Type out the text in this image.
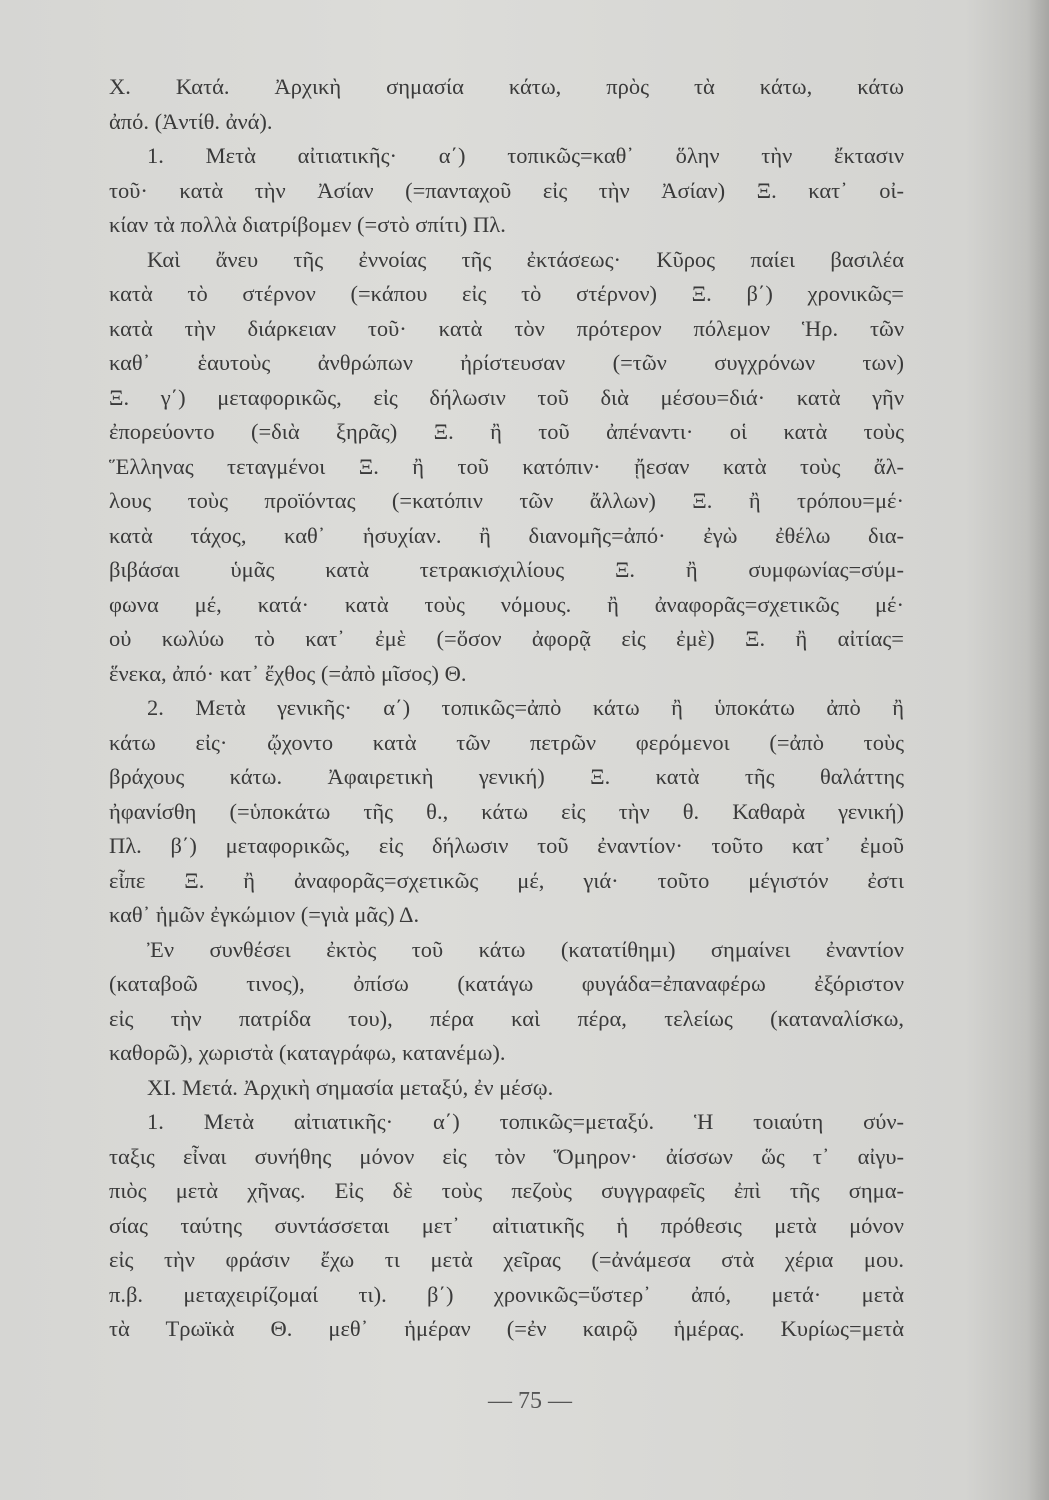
X. Κατά. Ἀρχικὴ σημασία κάτω, πρὸς τὰ κάτω, κάτω
ἀπό. (Ἀντίθ. ἀνά).
1. Μετὰ αἰτιατικῆς· α΄) τοπικῶς=καθ᾿ ὅλην τὴν ἔκτασιν
τοῦ· κατὰ τὴν Ἀσίαν (=πανταχοῦ εἰς τὴν Ἀσίαν) Ξ. κατ᾿ οἰ-
κίαν τὰ πολλὰ διατρίβομεν (=στὸ σπίτι) Πλ.
Καὶ ἄνευ τῆς ἐννοίας τῆς ἐκτάσεως· Κῦρος παίει βασιλέα
κατὰ τὸ στέρνον (=κάπου εἰς τὸ στέρνον) Ξ. β΄) χρονικῶς=
κατὰ τὴν διάρκειαν τοῦ· κατὰ τὸν πρότερον πόλεμον Ἡρ. τῶν
καθ᾿ ἑαυτοὺς ἀνθρώπων ἠρίστευσαν (=τῶν συγχρόνων των)
Ξ. γ΄) μεταφορικῶς, εἰς δήλωσιν τοῦ διὰ μέσου=διά· κατὰ γῆν
ἐπορεύοντο (=διὰ ξηρᾶς) Ξ. ἢ τοῦ ἀπέναντι· οἱ κατὰ τοὺς
Ἕλληνας τεταγμένοι Ξ. ἢ τοῦ κατόπιν· ᾔεσαν κατὰ τοὺς ἄλ-
λους τοὺς προϊόντας (=κατόπιν τῶν ἄλλων) Ξ. ἢ τρόπου=μέ·
κατὰ τάχος, καθ᾿ ἡσυχίαν. ἢ διανομῆς=ἀπό· ἐγὼ ἐθέλω δια-
βιβάσαι ὑμᾶς κατὰ τετρακισχιλίους Ξ. ἢ συμφωνίας=σύμ-
φωνα μέ, κατά· κατὰ τοὺς νόμους. ἢ ἀναφορᾶς=σχετικῶς μέ·
οὐ κωλύω τὸ κατ᾿ ἐμὲ (=ὅσον ἀφορᾷ εἰς ἐμὲ) Ξ. ἢ αἰτίας=
ἕνεκα, ἀπό· κατ᾿ ἔχθος (=ἀπὸ μῖσος) Θ.
2. Μετὰ γενικῆς· α΄) τοπικῶς=ἀπὸ κάτω ἢ ὑποκάτω ἀπὸ ἢ
κάτω εἰς· ᾤχοντο κατὰ τῶν πετρῶν φερόμενοι (=ἀπὸ τοὺς
βράχους κάτω. Ἀφαιρετικὴ γενική) Ξ. κατὰ τῆς θαλάττης
ἠφανίσθη (=ὑποκάτω τῆς θ., κάτω εἰς τὴν θ. Καθαρὰ γενική)
Πλ. β΄) μεταφορικῶς, εἰς δήλωσιν τοῦ ἐναντίον· τοῦτο κατ᾿ ἐμοῦ
εἶπε Ξ. ἢ ἀναφορᾶς=σχετικῶς μέ, γιά· τοῦτο μέγιστόν ἐστι
καθ᾿ ἡμῶν ἐγκώμιον (=γιὰ μᾶς) Δ.
Ἐν συνθέσει ἐκτὸς τοῦ κάτω (κατατίθημι) σημαίνει ἐναντίον
(καταβοῶ τινος), ὀπίσω (κατάγω φυγάδα=ἐπαναφέρω ἐξόριστον
εἰς τὴν πατρίδα του), πέρα καὶ πέρα, τελείως (καταναλίσκω,
καθορῶ), χωριστὰ (καταγράφω, κατανέμω).
XI. Μετά. Ἀρχικὴ σημασία μεταξύ, ἐν μέσῳ.
1. Μετὰ αἰτιατικῆς· α΄) τοπικῶς=μεταξύ. Ἡ τοιαύτη σύν-
ταξις εἶναι συνήθης μόνον εἰς τὸν Ὅμηρον· ἀίσσων ὥς τ᾿ αἰγυ-
πιὸς μετὰ χῆνας. Εἰς δὲ τοὺς πεζοὺς συγγραφεῖς ἐπὶ τῆς σημα-
σίας ταύτης συντάσσεται μετ᾿ αἰτιατικῆς ἡ πρόθεσις μετὰ μόνον
εἰς τὴν φράσιν ἔχω τι μετὰ χεῖρας (=ἀνάμεσα στὰ χέρια μου.
π.β. μεταχειρίζομαί τι). β΄) χρονικῶς=ὕστερ᾿ ἀπό, μετά· μετὰ
τὰ Τρωϊκὰ Θ. μεθ᾿ ἡμέραν (=ἐν καιρῷ ἡμέρας. Κυρίως=μετὰ
— 75 —
